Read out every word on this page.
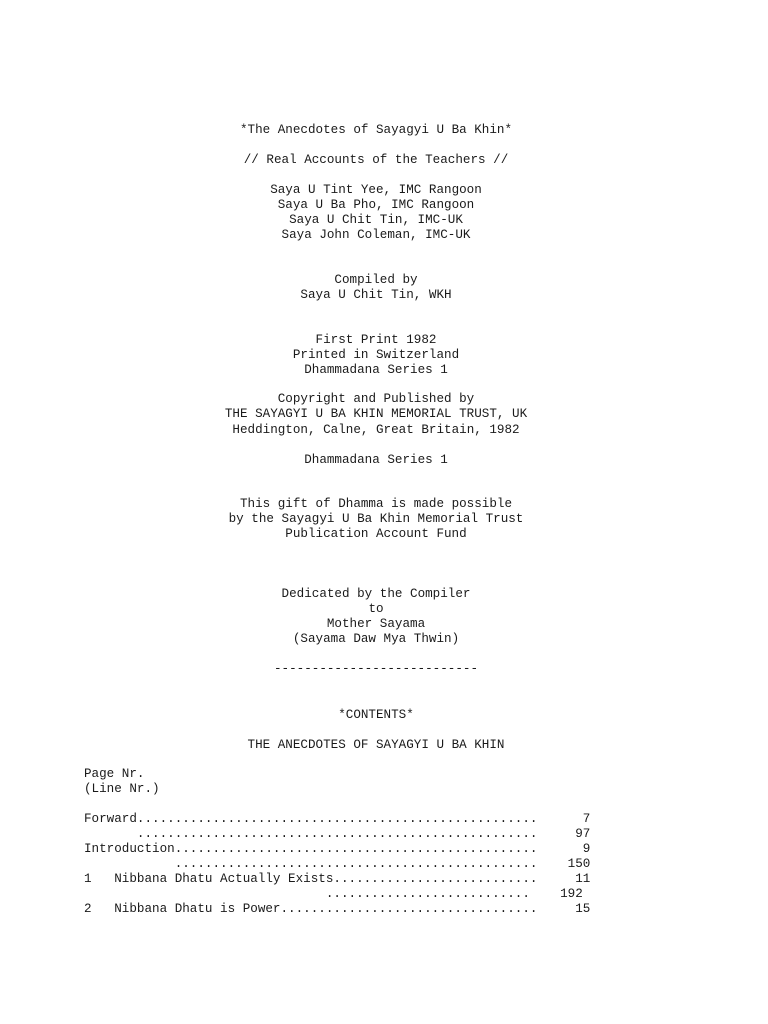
*The Anecdotes of Sayagyi U Ba Khin*
// Real Accounts of the Teachers //
Saya U Tint Yee, IMC Rangoon
Saya U Ba Pho, IMC Rangoon
Saya U Chit Tin, IMC-UK
Saya John Coleman, IMC-UK
Compiled by
Saya U Chit Tin, WKH
First Print 1982
Printed in Switzerland
Dhammadana Series 1
Copyright and Published by
THE SAYAGYI U BA KHIN MEMORIAL TRUST, UK
Heddington, Calne, Great Britain, 1982
Dhammadana Series 1
This gift of Dhamma is made possible
by the Sayagyi U Ba Khin Memorial Trust
Publication Account Fund
Dedicated by the Compiler
to
Mother Sayama
(Sayama Daw Mya Thwin)
---------------------------
*CONTENTS*
THE ANECDOTES OF SAYAGYI U BA KHIN
Page Nr.
(Line Nr.)
Forward.....................................................      7
.....................................................     97
Introduction................................................      9
................................................    150
1   Nibbana Dhatu Actually Exists...........................     11
...........................    192
2   Nibbana Dhatu is Power..................................     15
